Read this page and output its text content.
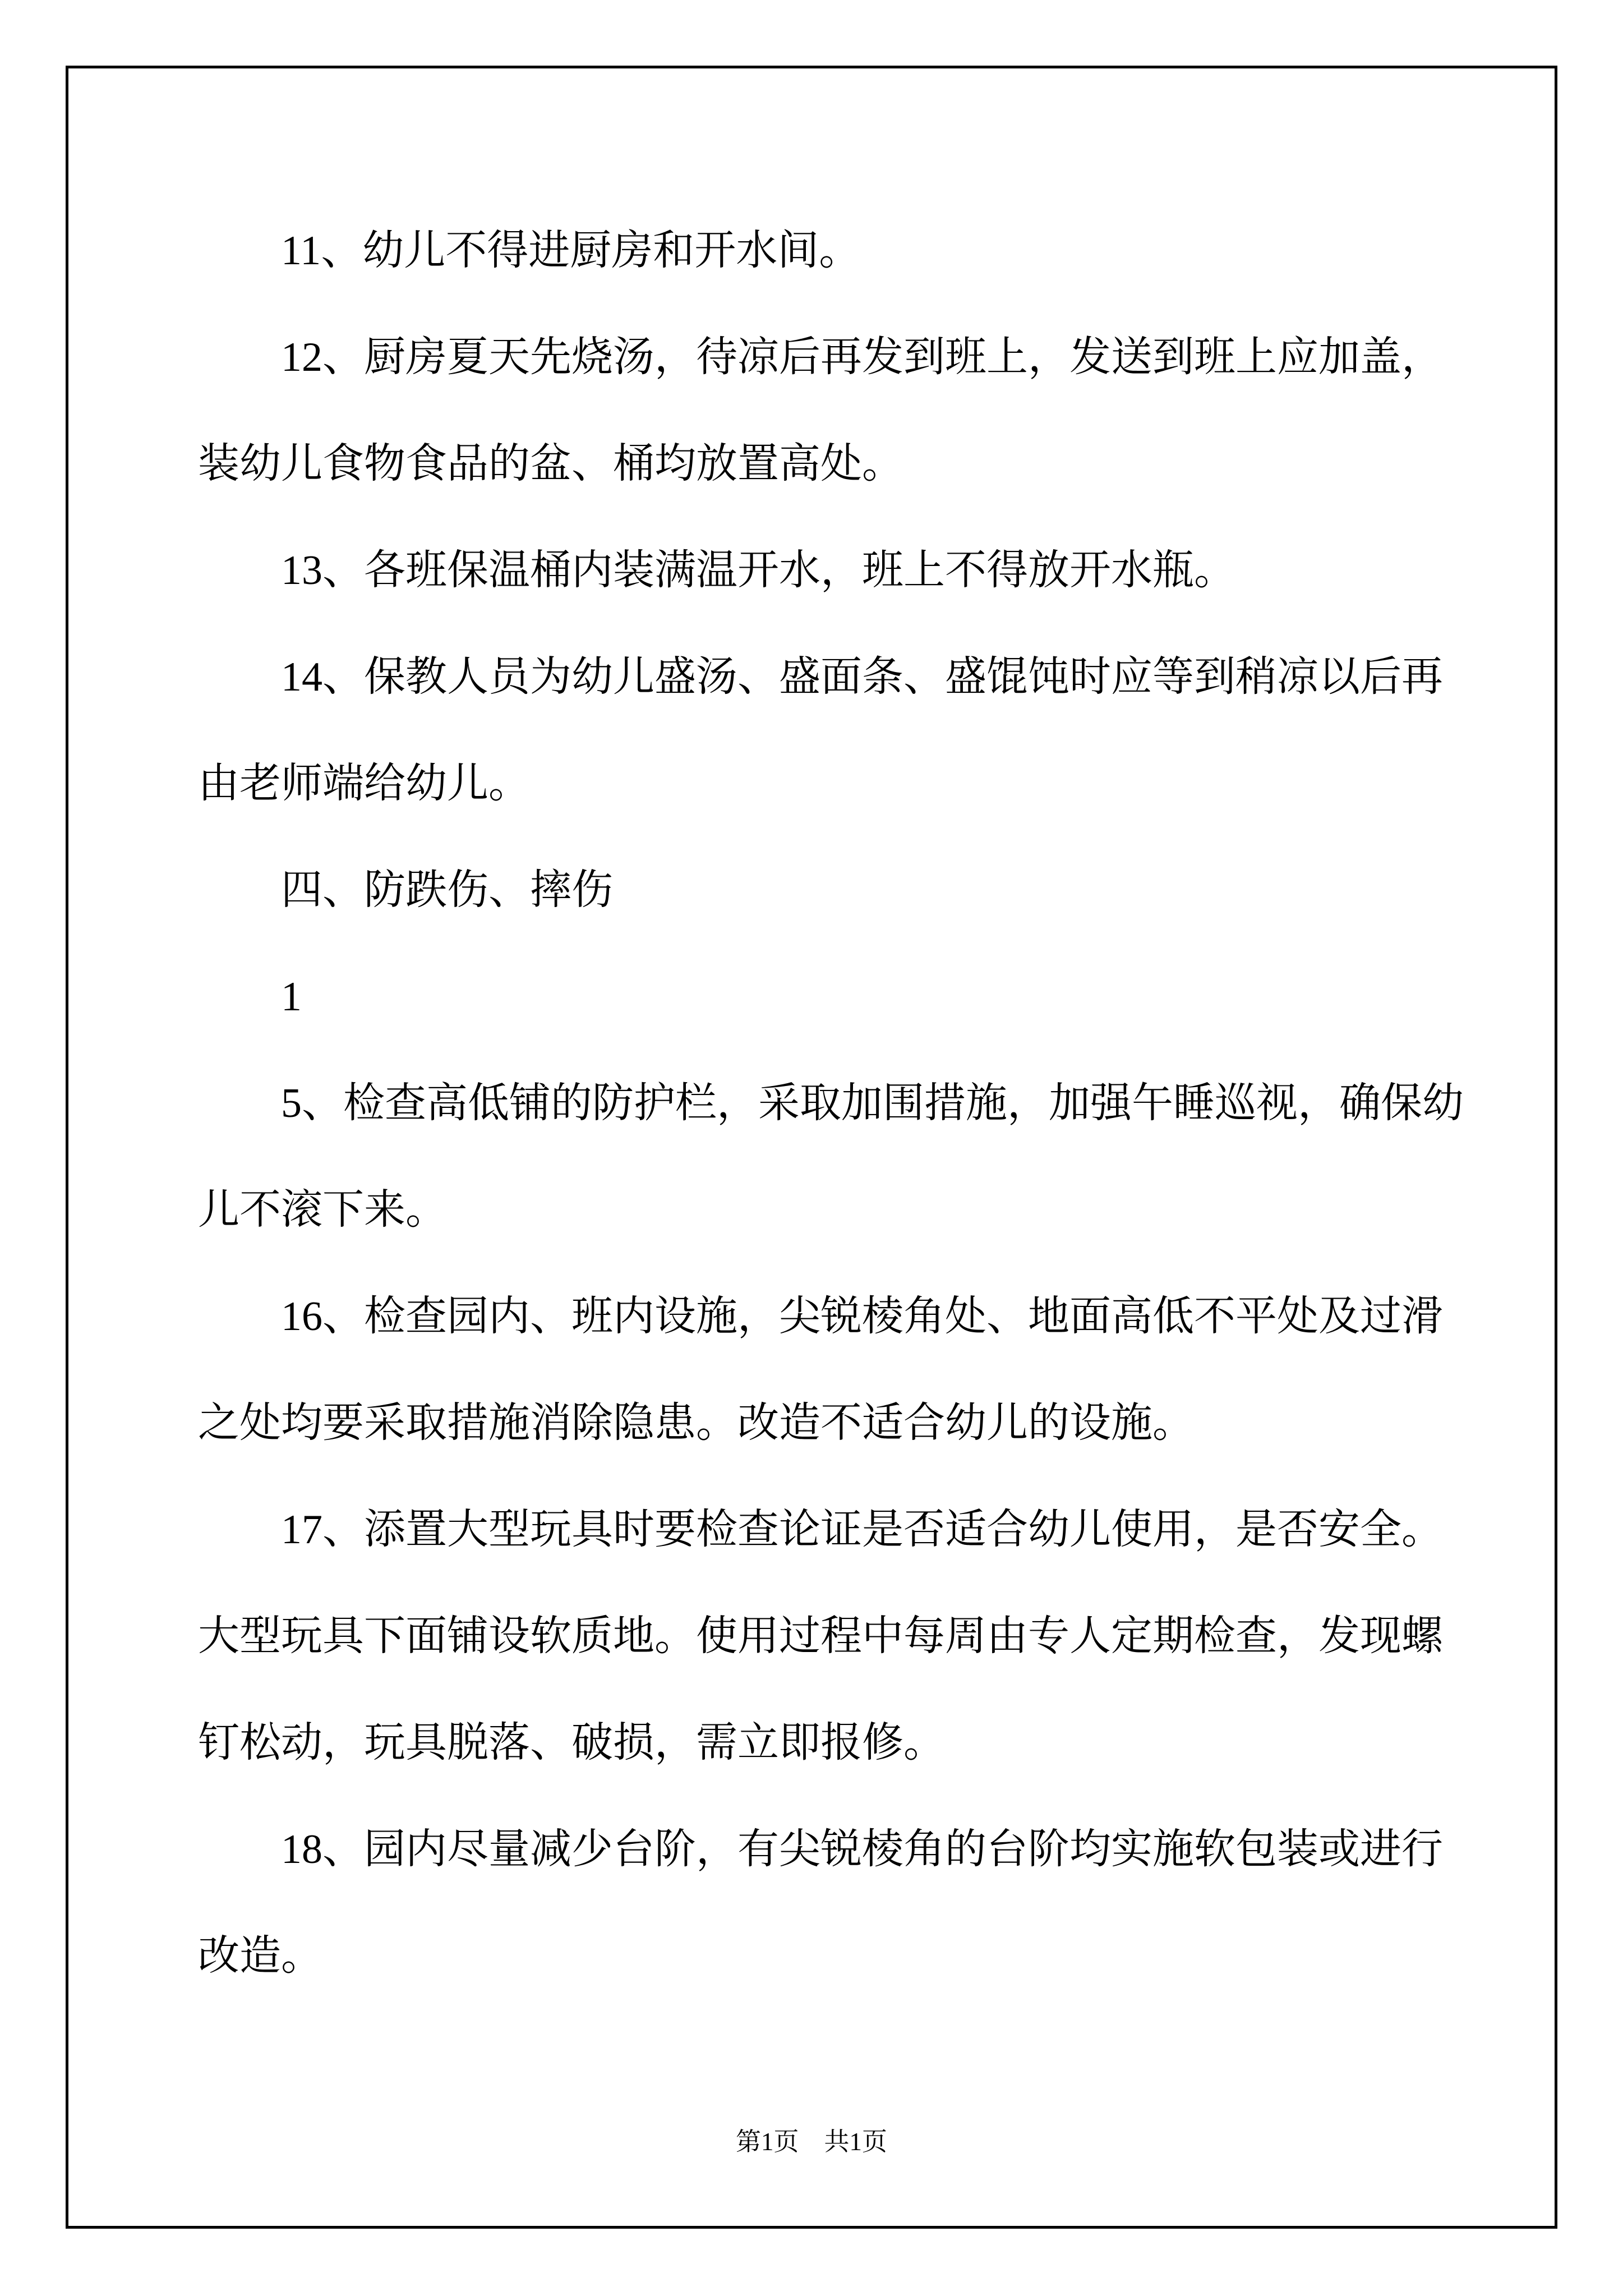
11、幼儿不得进厨房和开水间。
12、厨房夏天先烧汤，待凉后再发到班上，发送到班上应加盖，
装幼儿食物食品的盆、桶均放置高处。
13、各班保温桶内装满温开水，班上不得放开水瓶。
14、保教人员为幼儿盛汤、盛面条、盛馄饨时应等到稍凉以后再
由老师端给幼儿。
四、防跌伤、摔伤
1
5、检查高低铺的防护栏，采取加围措施，加强午睡巡视，确保幼
儿不滚下来。
16、检查园内、班内设施，尖锐棱角处、地面高低不平处及过滑
之处均要采取措施消除隐患。改造不适合幼儿的设施。
17、添置大型玩具时要检查论证是否适合幼儿使用，是否安全。
大型玩具下面铺设软质地。使用过程中每周由专人定期检查，发现螺
钉松动，玩具脱落、破损，需立即报修。
18、园内尽量减少台阶，有尖锐棱角的台阶均实施软包装或进行
改造。
第1页 共1页
